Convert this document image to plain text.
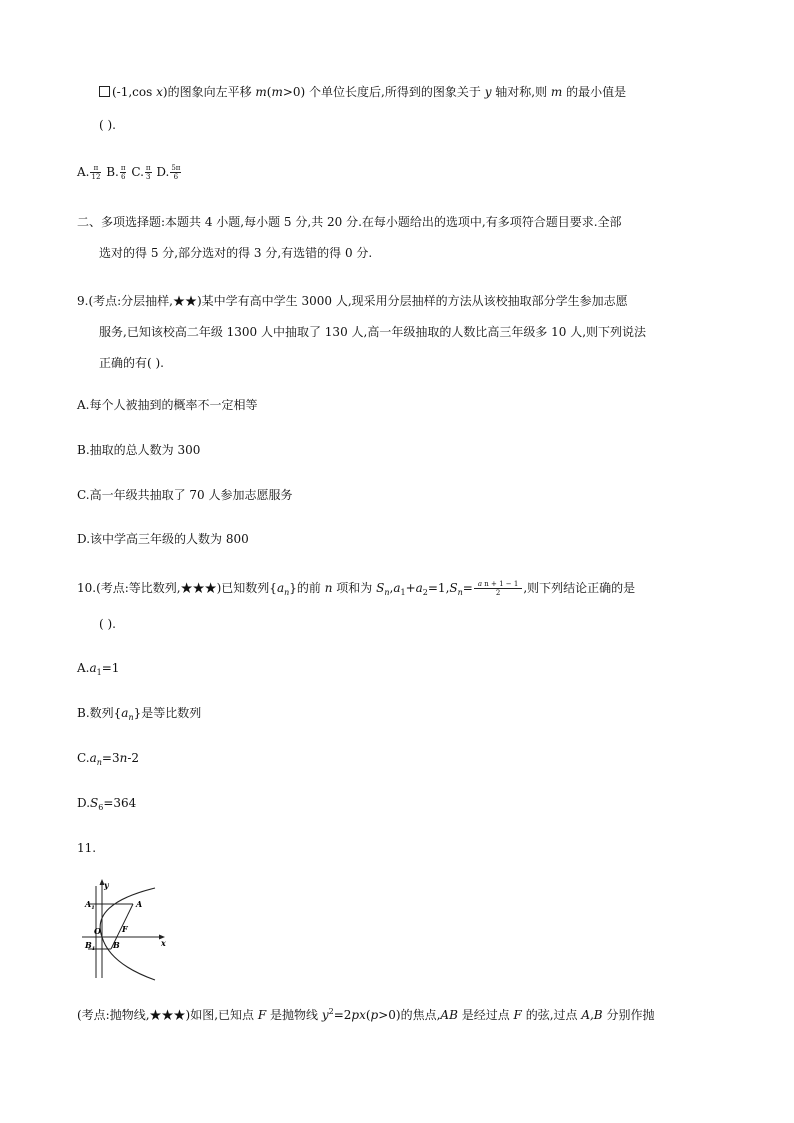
(-1,cos x)的图象向左平移 m(m>0) 个单位长度后,所得到的图象关于 y 轴对称,则 m 的最小值是
( ).
A. $\frac{\pi}{12} B$. $\frac{\pi}{6} C$. $\frac{\pi}{3} D$. $\frac{5\pi}{6}$
二、多项选择题:本题共 4 小题,每小题 5 分,共 20 分.在每小题给出的选项中,有多项符合题目要求.全部
选对的得 5 分,部分选对的得 3 分,有选错的得 0 分.
9.(考点:分层抽样,★★)某中学有高中学生 3000 人,现采用分层抽样的方法从该校抽取部分学生参加志愿
服务,已知该校高二年级 1300 人中抽取了 130 人,高一年级抽取的人数比高三年级多 10 人,则下列说法
正确的有( ).
A.每个人被抽到的概率不一定相等
B.抽取的总人数为 300
C.高一年级共抽取了 70 人参加志愿服务
D.该中学高三年级的人数为 800
10.(考点:等比数列,★★★)已知数列$\{a_n\}$的前 n 项和为 $S_n,a_1+a_2=1,S_n= \frac{\text{a n + 1 − 1}}{2}$ ,则下列结论正确的是
( ).
$A.a_1=1$
B.数列$\{a_n\}$是等比数列
$C.a_n=3n-2$
$D.S_6=364$
11.
y
x
$A_1$	A
O	F
$B_1$ B
(考点:抛物线,★★★)如图,已知点 F 是抛物线 $y^2=2px(p>0)$的焦点,AB 是经过点 F 的弦,过点 A,B 分别作抛
